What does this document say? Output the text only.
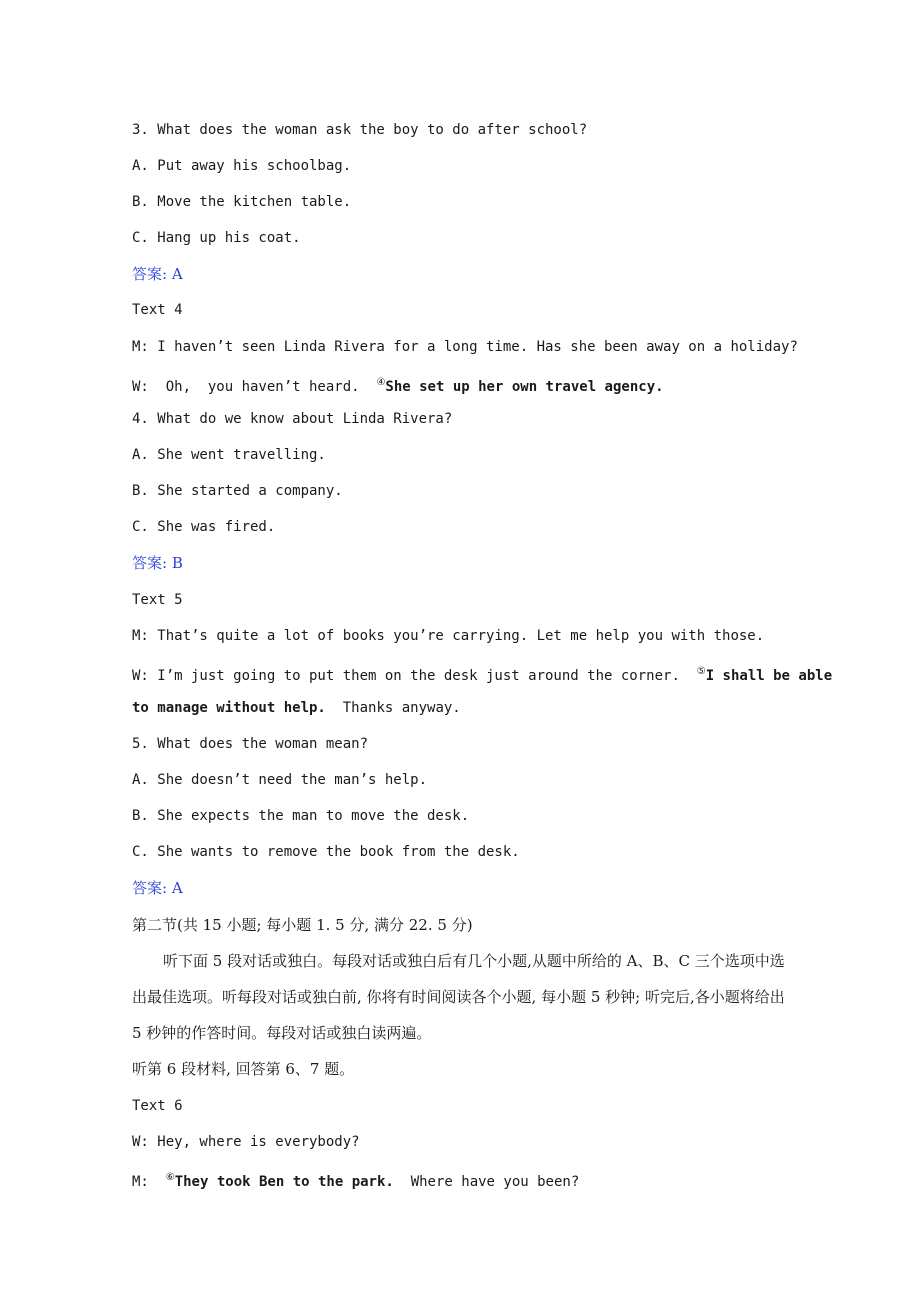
3. What does the woman ask the boy to do after school?
A. Put away his schoolbag.
B. Move the kitchen table.
C. Hang up his coat.
答案: A
Text 4
M: I haven’t seen Linda Rivera for a long time. Has she been away on a holiday?
W:  Oh,  you haven’t heard.  ④She set up her own travel agency.
4. What do we know about Linda Rivera?
A. She went travelling.
B. She started a company.
C. She was fired.
答案: B
Text 5
M: That’s quite a lot of books you’re carrying. Let me help you with those.
W: I’m just going to put them on the desk just around the corner.  ⑤I shall be able
to manage without help.  Thanks anyway.
5. What does the woman mean?
A. She doesn’t need the man’s help.
B. She expects the man to move the desk.
C. She wants to remove the book from the desk.
答案: A
第二节(共 15 小题; 每小题 1. 5 分, 满分 22. 5 分)
听下面 5 段对话或独白。每段对话或独白后有几个小题,从题中所给的 A、B、C 三个选项中选出最佳选项。听每段对话或独白前, 你将有时间阅读各个小题, 每小题 5 秒钟; 听完后,各小题将给出 5 秒钟的作答时间。每段对话或独白读两遍。
听第 6 段材料, 回答第 6、7 题。
Text 6
W: Hey, where is everybody?
M:  ⑥They took Ben to the park.  Where have you been?
